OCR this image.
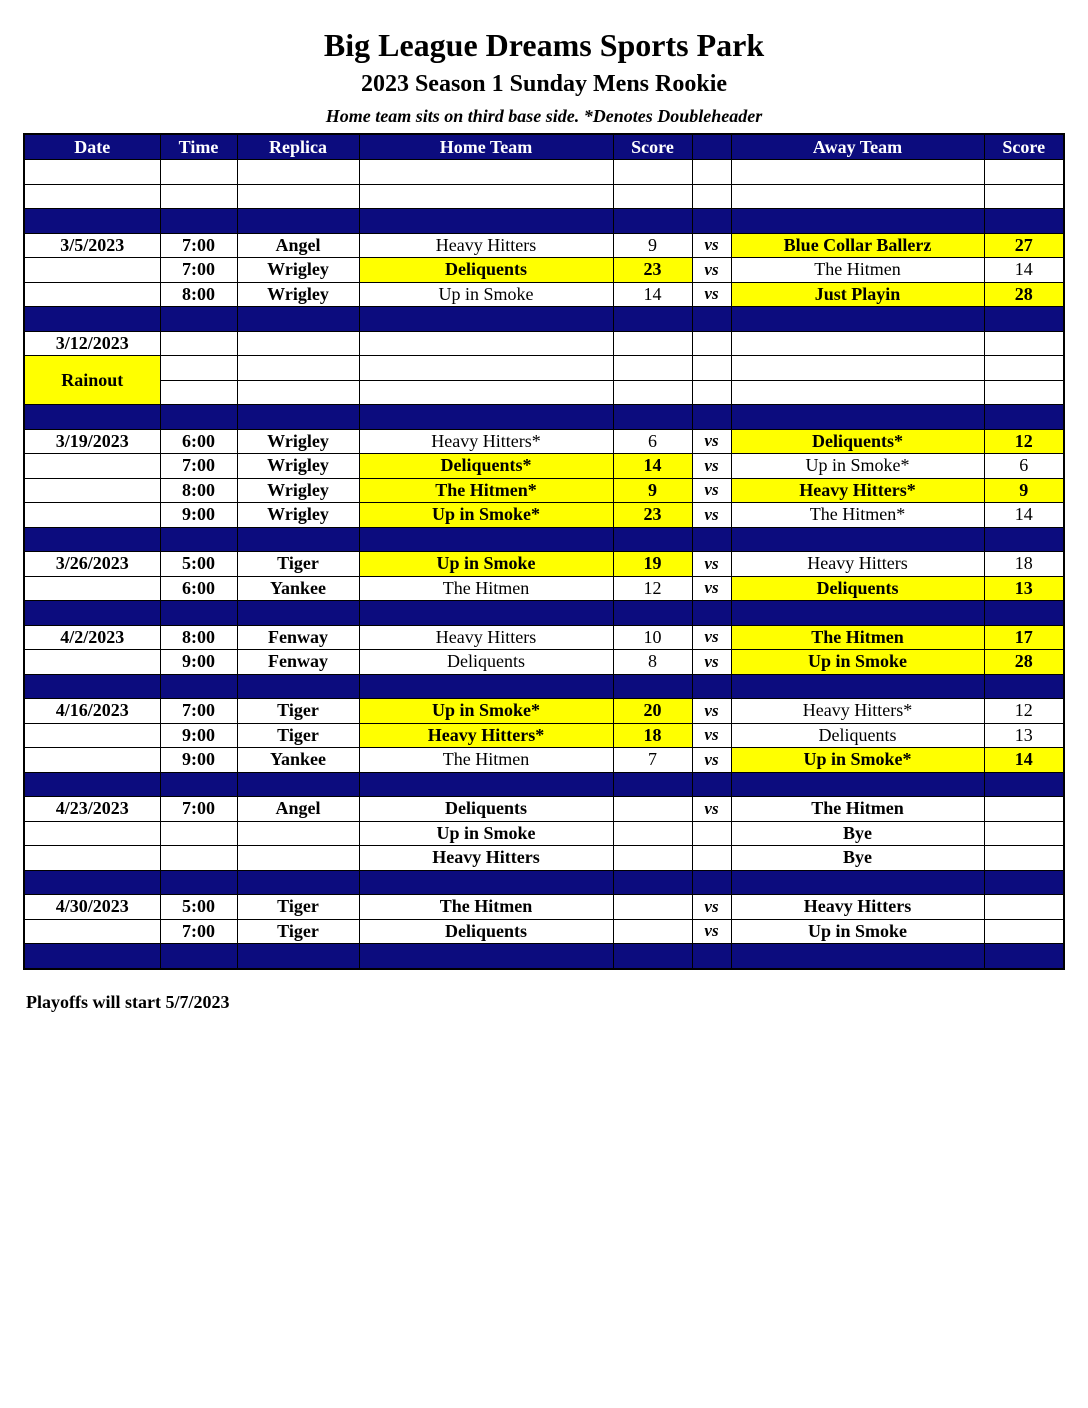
Big League Dreams Sports Park
2023 Season 1 Sunday Mens Rookie
Home team sits on third base side. *Denotes Doubleheader
Date	Time	Replica	Home Team	Score		Away Team	Score

3/5/2023	7:00	Angel	Heavy Hitters	9	vs	Blue Collar Ballerz	27
	7:00	Wrigley	Deliquents	23	vs	The Hitmen	14
	8:00	Wrigley	Up in Smoke	14	vs	Just Playin	28

3/12/2023							
Rainout							

3/19/2023	6:00	Wrigley	Heavy Hitters*	6	vs	Deliquents*	12
	7:00	Wrigley	Deliquents*	14	vs	Up in Smoke*	6
	8:00	Wrigley	The Hitmen*	9	vs	Heavy Hitters*	9
	9:00	Wrigley	Up in Smoke*	23	vs	The Hitmen*	14

3/26/2023	5:00	Tiger	Up in Smoke	19	vs	Heavy Hitters	18
	6:00	Yankee	The Hitmen	12	vs	Deliquents	13

4/2/2023	8:00	Fenway	Heavy Hitters	10	vs	The Hitmen	17
	9:00	Fenway	Deliquents	8	vs	Up in Smoke	28

4/16/2023	7:00	Tiger	Up in Smoke*	20	vs	Heavy Hitters*	12
	9:00	Tiger	Heavy Hitters*	18	vs	Deliquents	13
	9:00	Yankee	The Hitmen	7	vs	Up in Smoke*	14

4/23/2023	7:00	Angel	Deliquents		vs	The Hitmen	
			Up in Smoke			Bye	
			Heavy Hitters			Bye	

4/30/2023	5:00	Tiger	The Hitmen		vs	Heavy Hitters	
	7:00	Tiger	Deliquents		vs	Up in Smoke	

Playoffs will start 5/7/2023
